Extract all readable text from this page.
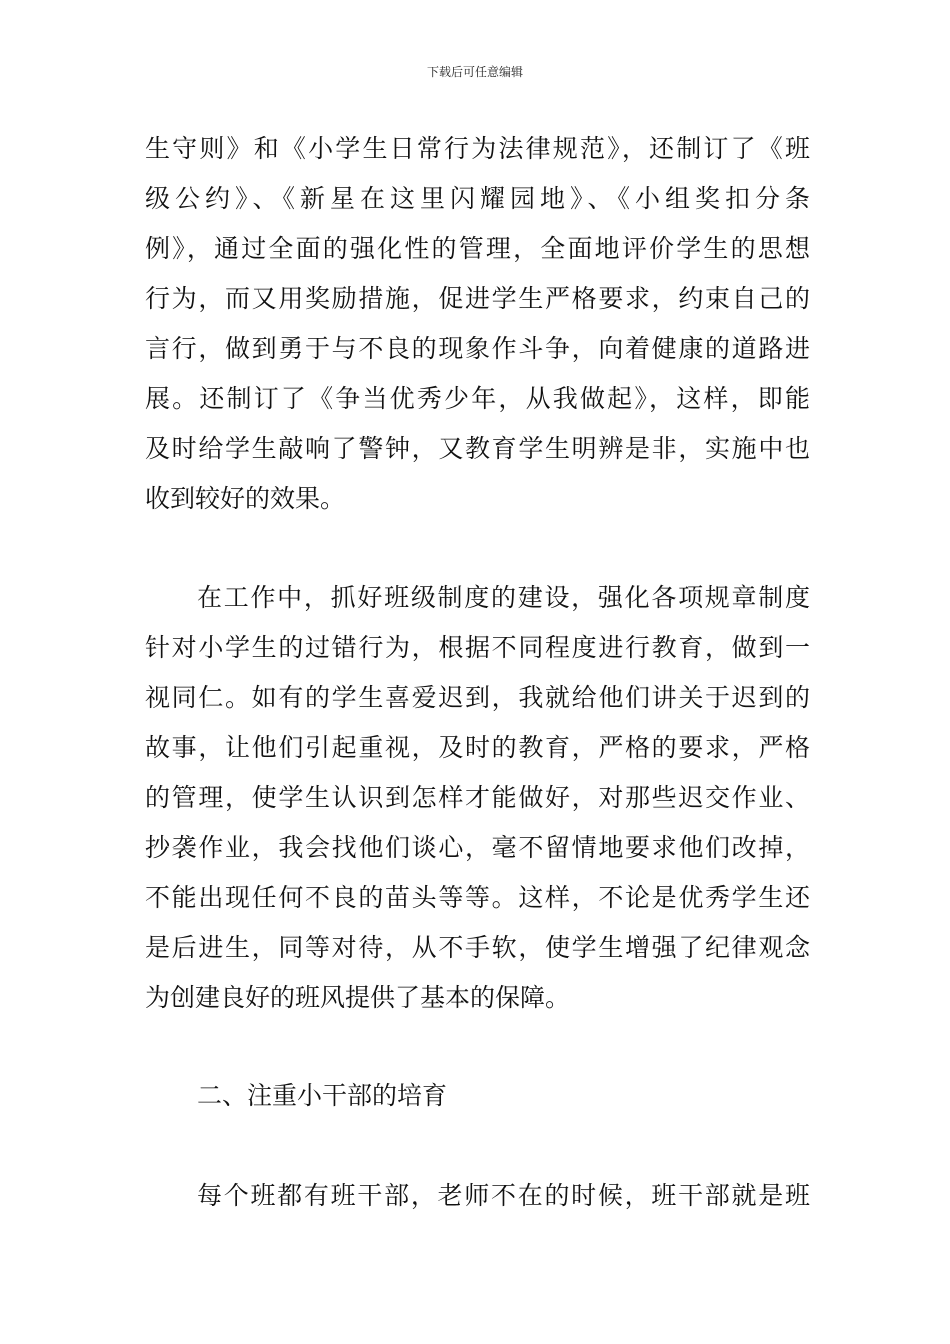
下载后可任意编辑
生守则》和《小学生日常行为法律规范》，还制订了《班
级公约》、《新星在这里闪耀园地》、《小组奖扣分条
例》，通过全面的强化性的管理，全面地评价学生的思想
行为，而又用奖励措施，促进学生严格要求，约束自己的
言行，做到勇于与不良的现象作斗争，向着健康的道路进
展。还制订了《争当优秀少年，从我做起》，这样，即能
及时给学生敲响了警钟，又教育学生明辨是非，实施中也
收到较好的效果。
在工作中，抓好班级制度的建设，强化各项规章制度
针对小学生的过错行为，根据不同程度进行教育，做到一
视同仁。如有的学生喜爱迟到，我就给他们讲关于迟到的
故事，让他们引起重视，及时的教育，严格的要求，严格
的管理，使学生认识到怎样才能做好，对那些迟交作业、
抄袭作业，我会找他们谈心，毫不留情地要求他们改掉，
不能出现任何不良的苗头等等。这样，不论是优秀学生还
是后进生，同等对待，从不手软，使学生增强了纪律观念
为创建良好的班风提供了基本的保障。
二、注重小干部的培育
每个班都有班干部，老师不在的时候，班干部就是班
